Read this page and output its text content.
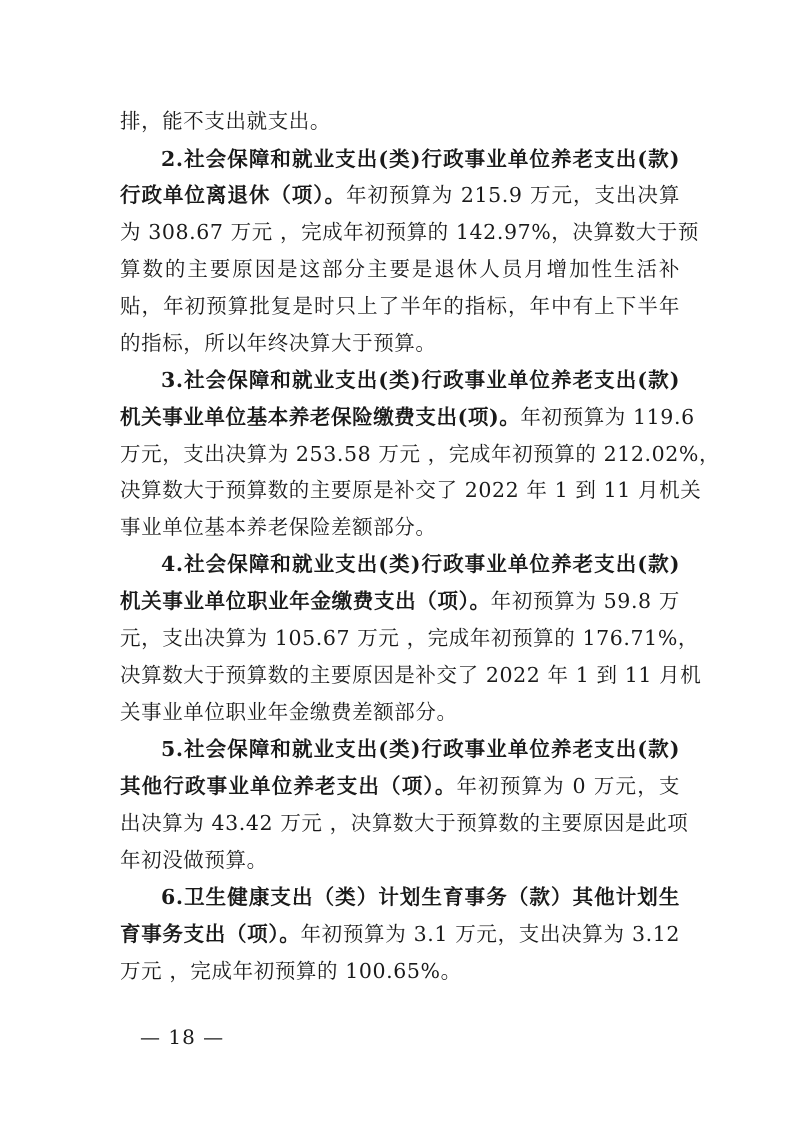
排，能不支出就支出。
2.社会保障和就业支出(类)行政事业单位养老支出(款)
行政单位离退休（项）。年初预算为 215.9 万元，支出决算
为 308.67 万元 ，完成年初预算的 142.97%，决算数大于预
算数的主要原因是这部分主要是退休人员月增加性生活补
贴，年初预算批复是时只上了半年的指标，年中有上下半年
的指标，所以年终决算大于预算。
3.社会保障和就业支出(类)行政事业单位养老支出(款)
机关事业单位基本养老保险缴费支出(项)。年初预算为 119.6
万元，支出决算为 253.58 万元 ，完成年初预算的 212.02%，
决算数大于预算数的主要原是补交了 2022 年 1 到 11 月机关
事业单位基本养老保险差额部分。
4.社会保障和就业支出(类)行政事业单位养老支出(款)
机关事业单位职业年金缴费支出（项）。年初预算为 59.8 万
元，支出决算为 105.67 万元 ，完成年初预算的 176.71%，
决算数大于预算数的主要原因是补交了 2022 年 1 到 11 月机
关事业单位职业年金缴费差额部分。
5.社会保障和就业支出(类)行政事业单位养老支出(款)
其他行政事业单位养老支出（项）。年初预算为 0 万元，支
出决算为 43.42 万元 ，决算数大于预算数的主要原因是此项
年初没做预算。
6.卫生健康支出（类）计划生育事务（款）其他计划生
育事务支出（项）。年初预算为 3.1 万元，支出决算为 3.12
万元 ，完成年初预算的 100.65%。
— 18 —
